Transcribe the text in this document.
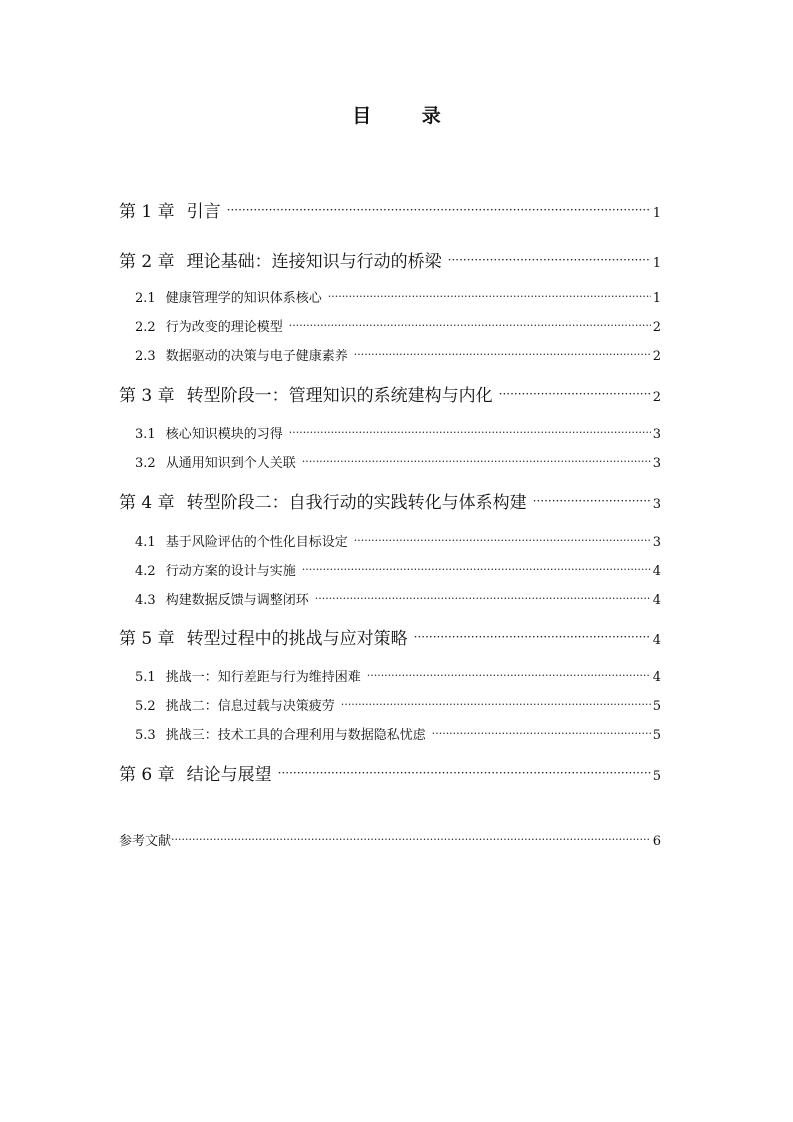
目 录
第 1 章 引言 ·····	1
第 2 章 理论基础：连接知识与行动的桥梁 ·····	1
2.1 健康管理学的知识体系核心 ·····	1
2.2 行为改变的理论模型 ·····	2
2.3 数据驱动的决策与电子健康素养 ·····	2
第 3 章 转型阶段一：管理知识的系统建构与内化 ·····	2
3.1 核心知识模块的习得 ·····	3
3.2 从通用知识到个人关联 ·····	3
第 4 章 转型阶段二：自我行动的实践转化与体系构建 ·····	3
4.1 基于风险评估的个性化目标设定 ·····	3
4.2 行动方案的设计与实施 ·····	4
4.3 构建数据反馈与调整闭环 ·····	4
第 5 章 转型过程中的挑战与应对策略 ·····	4
5.1 挑战一：知行差距与行为维持困难 ·····	4
5.2 挑战二：信息过载与决策疲劳 ·····	5
5.3 挑战三：技术工具的合理利用与数据隐私忧虑 ·····	5
第 6 章 结论与展望 ·····	5
参考文献 ·····	6
